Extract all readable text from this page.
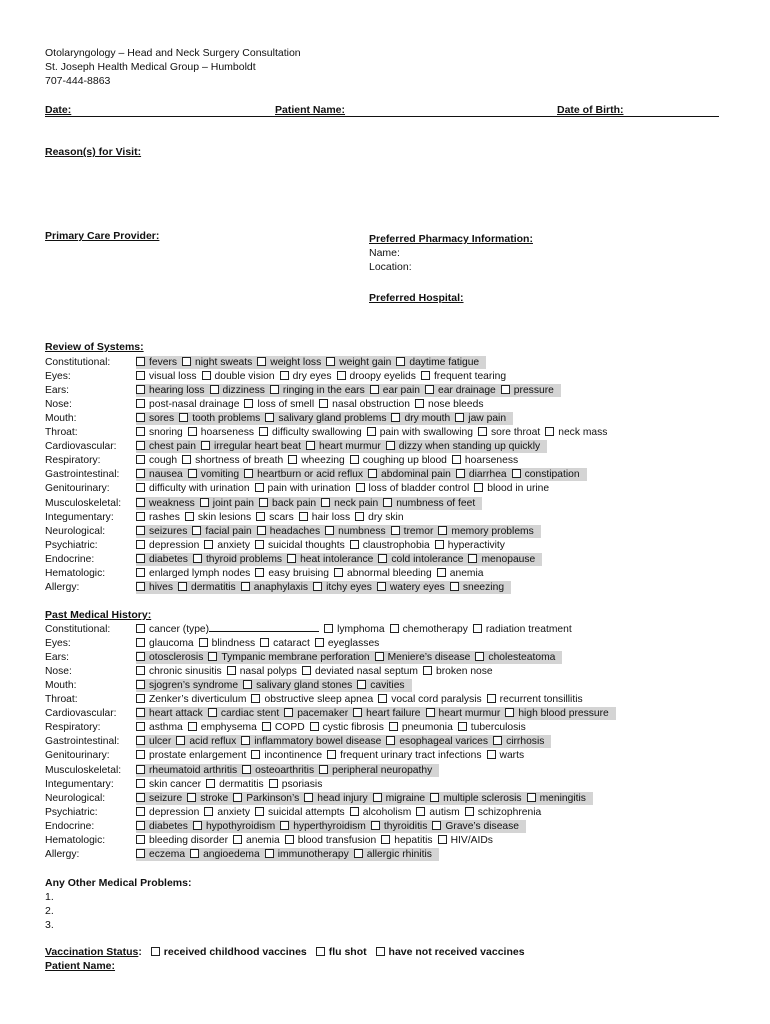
Otolaryngology – Head and Neck Surgery Consultation
St. Joseph Health Medical Group – Humboldt
707-444-8863
Date:	Patient Name:	Date of Birth:
Reason(s) for Visit:
Primary Care Provider:	Preferred Pharmacy Information:
Name:
Location:
Preferred Hospital:
Review of Systems:
Constitutional:	fevers night sweats weight loss weight gain daytime fatigue
Eyes:	visual loss double vision dry eyes droopy eyelids frequent tearing
Ears:	hearing loss dizziness ringing in the ears ear pain ear drainage pressure
Nose:	post-nasal drainage loss of smell nasal obstruction nose bleeds
Mouth:	sores tooth problems salivary gland problems dry mouth jaw pain
Throat:	snoring hoarseness difficulty swallowing pain with swallowing sore throat neck mass
Cardiovascular:	chest pain irregular heart beat heart murmur dizzy when standing up quickly
Respiratory:	cough shortness of breath wheezing coughing up blood hoarseness
Gastrointestinal:	nausea vomiting heartburn or acid reflux abdominal pain diarrhea constipation
Genitourinary:	difficulty with urination pain with urination loss of bladder control blood in urine
Musculoskeletal:	weakness joint pain back pain neck pain numbness of feet
Integumentary:	rashes skin lesions scars hair loss dry skin
Neurological:	seizures facial pain headaches numbness tremor memory problems
Psychiatric:	depression anxiety suicidal thoughts claustrophobia hyperactivity
Endocrine:	diabetes thyroid problems heat intolerance cold intolerance menopause
Hematologic:	enlarged lymph nodes easy bruising abnormal bleeding anemia
Allergy:	hives dermatitis anaphylaxis itchy eyes watery eyes sneezing
Past Medical History:
Constitutional:	cancer (type)	lymphoma chemotherapy radiation treatment
Eyes:	glaucoma blindness cataract eyeglasses
Ears:	otosclerosis Tympanic membrane perforation Meniere’s disease cholesteatoma
Nose:	chronic sinusitis nasal polyps deviated nasal septum broken nose
Mouth:	sjogren’s syndrome salivary gland stones cavities
Throat:	Zenker’s diverticulum obstructive sleep apnea vocal cord paralysis recurrent tonsillitis
Cardiovascular:	heart attack cardiac stent pacemaker heart failure heart murmur high blood pressure
Respiratory:	asthma emphysema COPD cystic fibrosis pneumonia tuberculosis
Gastrointestinal:	ulcer acid reflux inflammatory bowel disease esophageal varices cirrhosis
Genitourinary:	prostate enlargement incontinence frequent urinary tract infections warts
Musculoskeletal:	rheumatoid arthritis osteoarthritis peripheral neuropathy
Integumentary:	skin cancer dermatitis psoriasis
Neurological:	seizure stroke Parkinson’s head injury migraine multiple sclerosis meningitis
Psychiatric:	depression anxiety suicidal attempts alcoholism autism schizophrenia
Endocrine:	diabetes hypothyroidism hyperthyroidism thyroiditis Grave’s disease
Hematologic:	bleeding disorder anemia blood transfusion hepatitis HIV/AIDs
Allergy:	eczema angioedema immunotherapy allergic rhinitis
Any Other Medical Problems:
1.
2.
3.
Vaccination Status: received childhood vaccines flu shot have not received vaccines
Patient Name:
